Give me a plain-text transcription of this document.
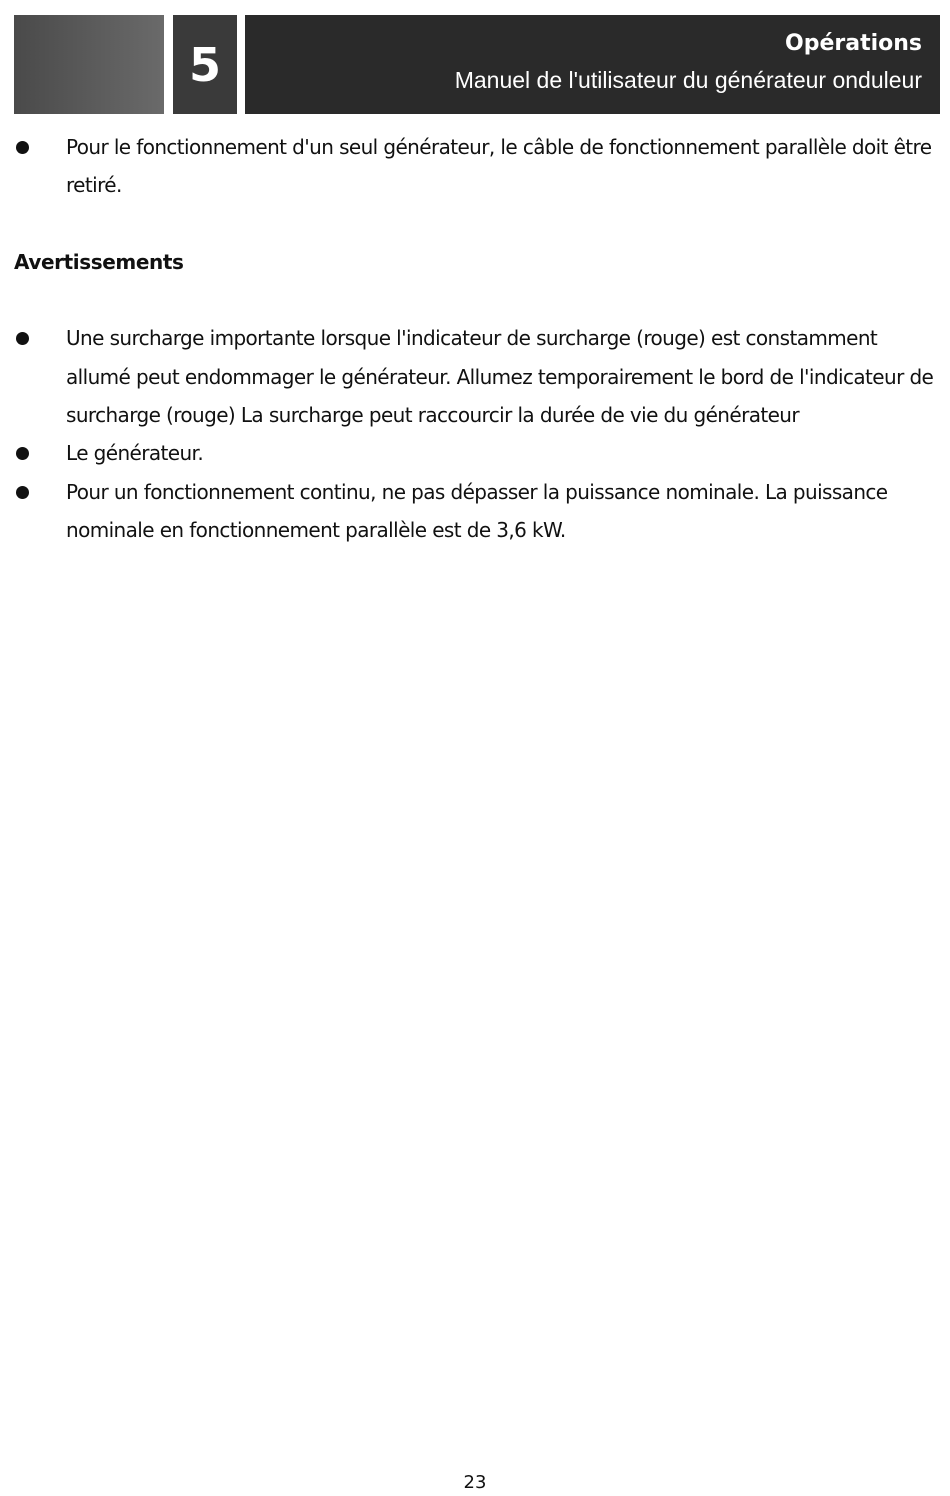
5	Opérations
Manuel de l'utilisateur du générateur onduleur
Pour le fonctionnement d'un seul générateur, le câble de fonctionnement parallèle doit être retiré.
Avertissements
Une surcharge importante lorsque l'indicateur de surcharge (rouge) est constamment allumé peut endommager le générateur. Allumez temporairement le bord de l'indicateur de surcharge (rouge) La surcharge peut raccourcir la durée de vie du générateur
Le générateur.
Pour un fonctionnement continu, ne pas dépasser la puissance nominale. La puissance nominale en fonctionnement parallèle est de 3,6 kW.
23
